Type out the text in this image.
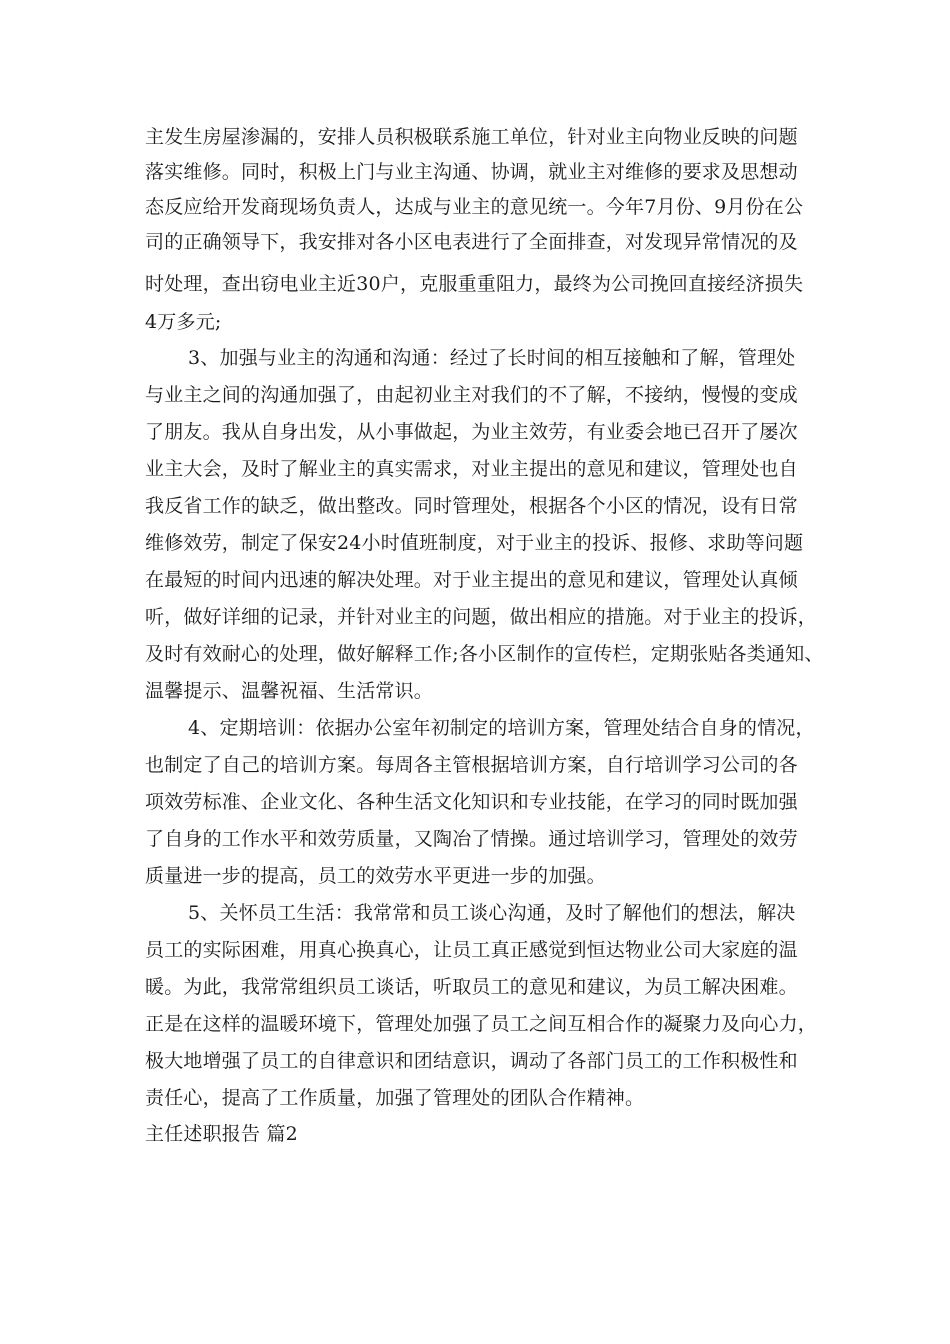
主发生房屋渗漏的，安排人员积极联系施工单位，针对业主向物业反映的问题
落实维修。同时，积极上门与业主沟通、协调，就业主对维修的要求及思想动
态反应给开发商现场负责人，达成与业主的意见统一。今年7月份、9月份在公
司的正确领导下，我安排对各小区电表进行了全面排查，对发现异常情况的及
时处理，查出窃电业主近30户，克服重重阻力，最终为公司挽回直接经济损失
4万多元;
3、加强与业主的沟通和沟通：经过了长时间的相互接触和了解，管理处
与业主之间的沟通加强了，由起初业主对我们的不了解，不接纳，慢慢的变成
了朋友。我从自身出发，从小事做起，为业主效劳，有业委会地已召开了屡次
业主大会，及时了解业主的真实需求，对业主提出的意见和建议，管理处也自
我反省工作的缺乏，做出整改。同时管理处，根据各个小区的情况，设有日常
维修效劳，制定了保安24小时值班制度，对于业主的投诉、报修、求助等问题
在最短的时间内迅速的解决处理。对于业主提出的意见和建议，管理处认真倾
听，做好详细的记录，并针对业主的问题，做出相应的措施。对于业主的投诉，
及时有效耐心的处理，做好解释工作;各小区制作的宣传栏，定期张贴各类通知、
温馨提示、温馨祝福、生活常识。
4、定期培训：依据办公室年初制定的培训方案，管理处结合自身的情况，
也制定了自己的培训方案。每周各主管根据培训方案，自行培训学习公司的各
项效劳标准、企业文化、各种生活文化知识和专业技能，在学习的同时既加强
了自身的工作水平和效劳质量，又陶冶了情操。通过培训学习，管理处的效劳
质量进一步的提高，员工的效劳水平更进一步的加强。
5、关怀员工生活：我常常和员工谈心沟通，及时了解他们的想法，解决
员工的实际困难，用真心换真心，让员工真正感觉到恒达物业公司大家庭的温
暖。为此，我常常组织员工谈话，听取员工的意见和建议，为员工解决困难。
正是在这样的温暖环境下，管理处加强了员工之间互相合作的凝聚力及向心力，
极大地增强了员工的自律意识和团结意识，调动了各部门员工的工作积极性和
责任心，提高了工作质量，加强了管理处的团队合作精神。
主任述职报告 篇2
